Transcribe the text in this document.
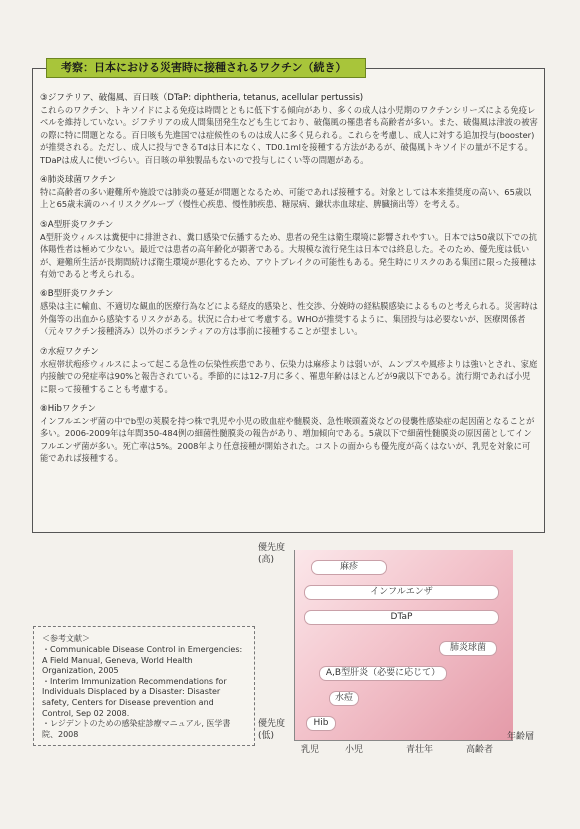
考察：日本における災害時に接種されるワクチン（続き）
③ジフテリア、破傷風、百日咳（DTaP: diphtheria, tetanus, acellular pertussis)
これらのワクチン、トキソイドによる免疫は時間とともに低下する傾向があり、多くの成人は小児期のワクチンシリーズによる免疫レベルを維持していない。ジフテリアの成人間集団発生なども生じており、破傷風の罹患者も高齢者が多い。また、破傷風は津波の被害の際に特に問題となる。百日咳も先進国では症候性のものは成人に多く見られる。これらを考慮し、成人に対する追加投与(booster)が推奨される。ただし、成人に投与できるTdは日本になく、TD0.1mlを接種する方法があるが、破傷風トキソイドの量が不足する。TDaPは成人に使いづらい。百日咳の単独製品もないので投与しにくい等の問題がある。
④肺炎球菌ワクチン
特に高齢者の多い避難所や施設では肺炎の蔓延が問題となるため、可能であれば接種する。対象としては本来推奨度の高い、65歳以上と65歳未満のハイリスクグループ（慢性心疾患、慢性肺疾患、糖尿病、鎌状赤血球症、脾臓摘出等）を考える。
⑤A型肝炎ワクチン
A型肝炎ウィルスは糞便中に排泄され、糞口感染で伝播するため、患者の発生は衛生環境に影響されやすい。日本では50歳以下での抗体陽性者は極めて少ない。最近では患者の高年齢化が顕著である。大規模な流行発生は日本では終息した。そのため、優先度は低いが、避難所生活が長期間続けば衛生環境が悪化するため、アウトブレイクの可能性もある。発生時にリスクのある集団に限った接種は有効であると考えられる。
⑥B型肝炎ワクチン
感染は主に輸血、不適切な観血的医療行為などによる経皮的感染と、性交渉、分娩時の経粘膜感染によるものと考えられる。災害時は外傷等の出血から感染するリスクがある。状況に合わせて考慮する。WHOが推奨するように、集団投与は必要ないが、医療関係者（元々ワクチン接種済み）以外のボランティアの方は事前に接種することが望ましい。
⑦水痘ワクチン
水痘帯状疱疹ウィルスによって起こる急性の伝染性疾患であり、伝染力は麻疹よりは弱いが、ムンプスや風疹よりは強いとされ、家庭内接触での発症率は90%と報告されている。季節的には12-7月に多く、罹患年齢はほとんどが9歳以下である。流行期であれば小児に限って接種することも考慮する。
⑧Hibワクチン
インフルエンザ菌の中でb型の莢膜を持つ株で乳児や小児の敗血症や髄膜炎、急性喉頭蓋炎などの侵襲性感染症の起因菌となることが多い。2006-2009年は年間350-484例の細菌性髄膜炎の報告があり、増加傾向である。5歳以下で細菌性髄膜炎の原因菌としてインフルエンザ菌が多い。死亡率は5%。2008年より任意接種が開始された。コストの面からも優先度が高くはないが、乳児を対象に可能であれば接種する。
優先度
(高)
優先度
(低)
麻疹
インフルエンザ
DTaP
肺炎球菌
A,B型肝炎（必要に応じて）
水痘
Hib
乳児	小児	青壮年	高齢者
年齢層
＜参考文献＞
・Communicable Disease Control in Emergencies: A Field Manual, Geneva, World Health Organization, 2005
・Interim Immunization Recommendations for Individuals Displaced by a Disaster: Disaster safety, Centers for Disease prevention and Control, Sep 02 2008.
・レジデントのための感染症診療マニュアル, 医学書院、2008
